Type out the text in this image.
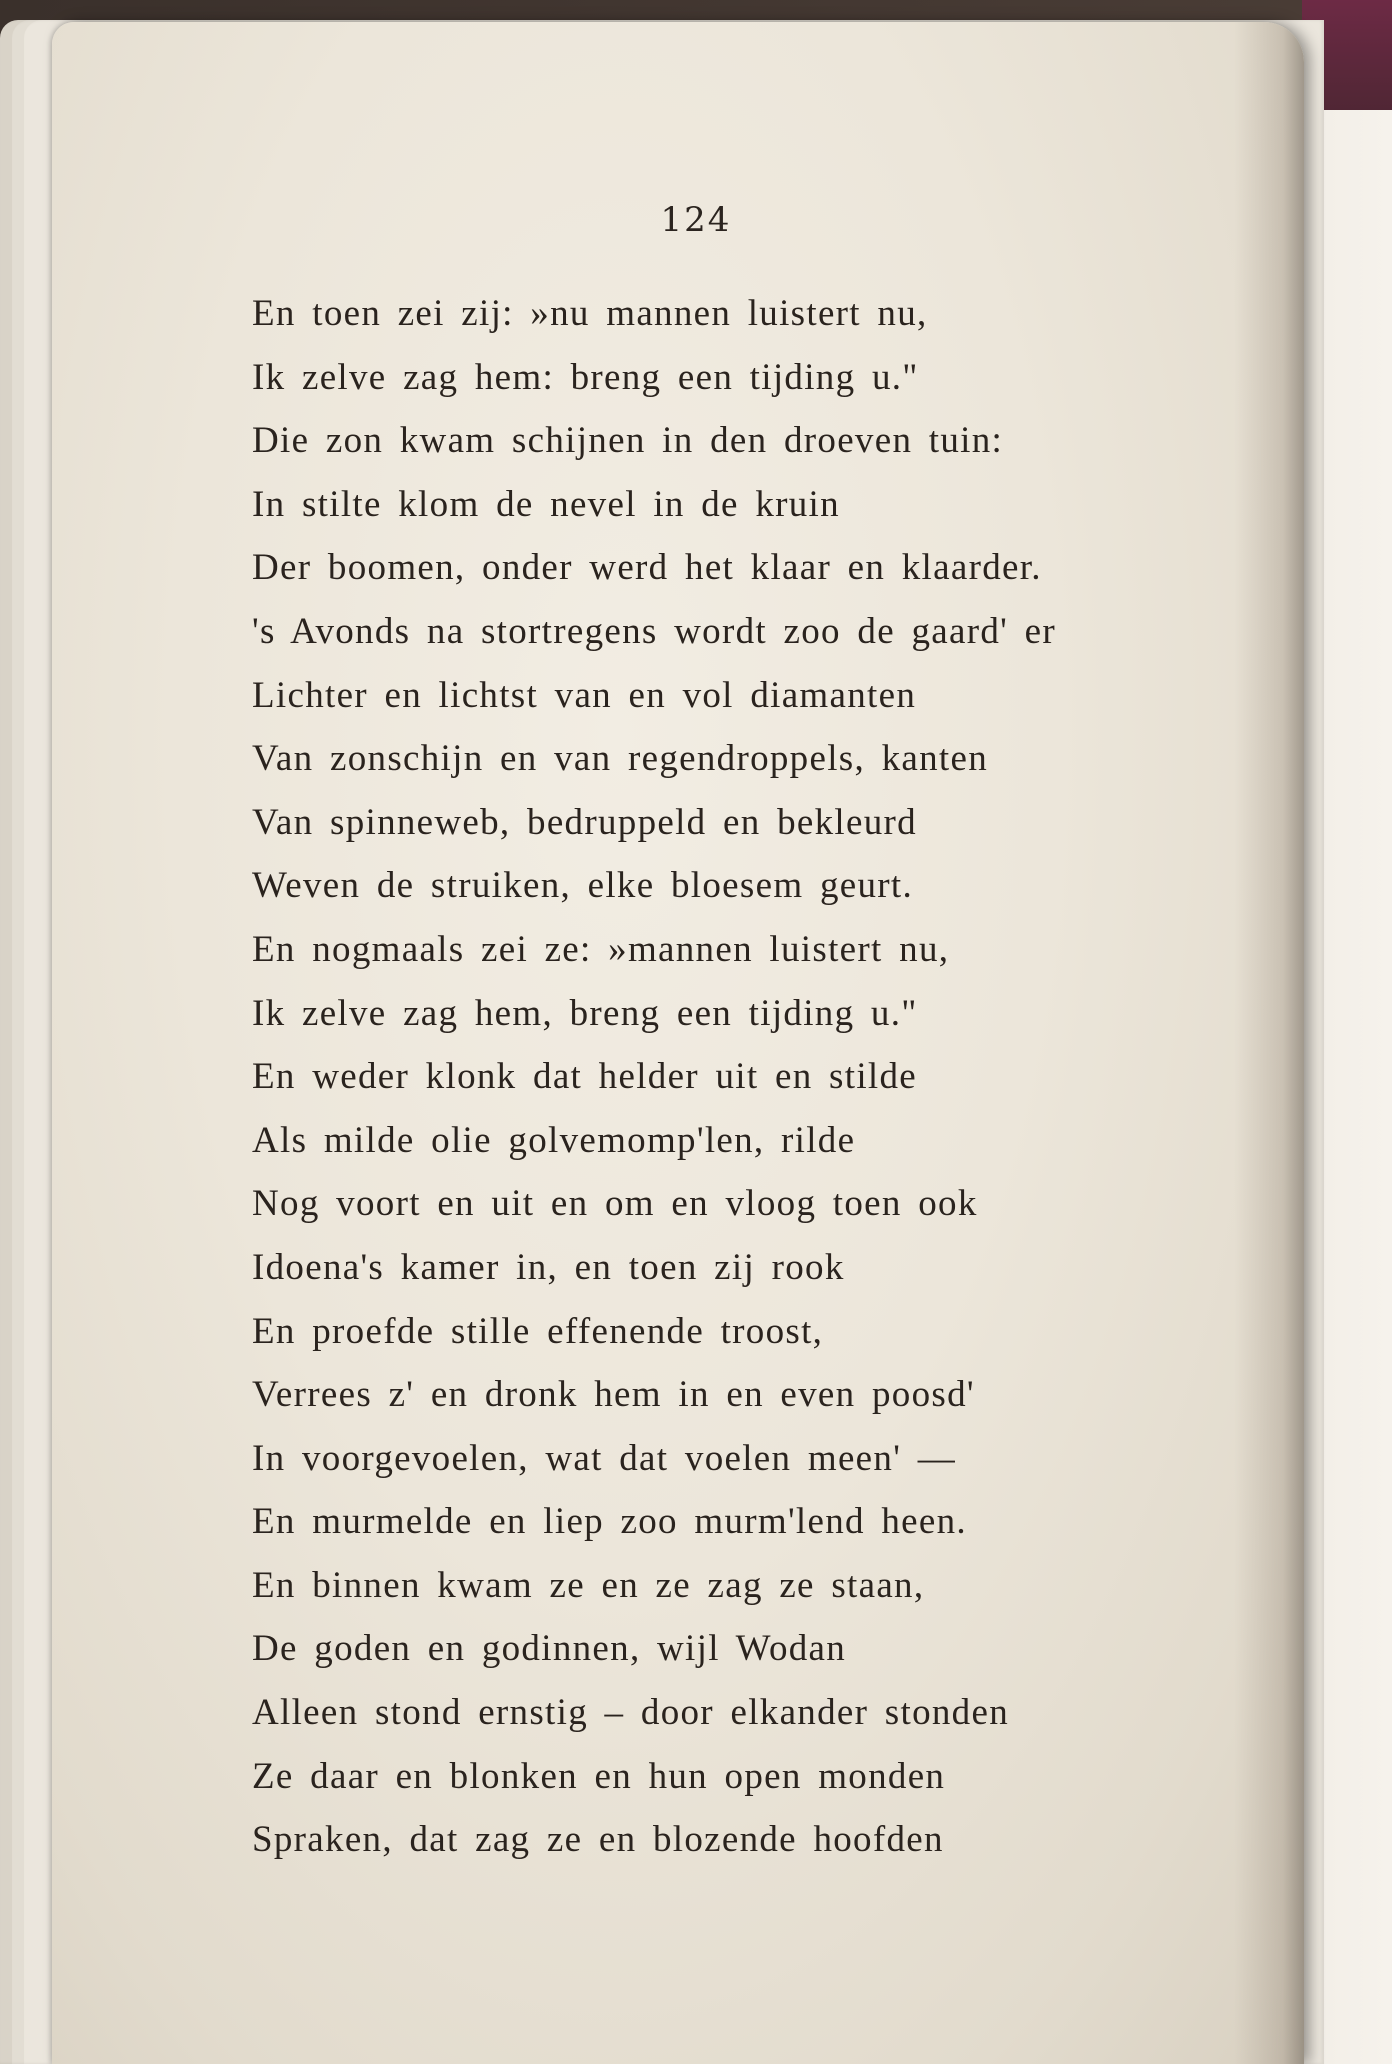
124
En toen zei zij: »nu mannen luistert nu,
Ik zelve zag hem: breng een tijding u."
Die zon kwam schijnen in den droeven tuin:
In stilte klom de nevel in de kruin
Der boomen, onder werd het klaar en klaarder.
's Avonds na stortregens wordt zoo de gaard' er
Lichter en lichtst van en vol diamanten
Van zonschijn en van regendroppels, kanten
Van spinneweb, bedruppeld en bekleurd
Weven de struiken, elke bloesem geurt.
En nogmaals zei ze: »mannen luistert nu,
Ik zelve zag hem, breng een tijding u."
En weder klonk dat helder uit en stilde
Als milde olie golvemomp'len, rilde
Nog voort en uit en om en vloog toen ook
Idoena's kamer in, en toen zij rook
En proefde stille effenende troost,
Verrees z' en dronk hem in en even poosd'
In voorgevoelen, wat dat voelen meen' —
En murmelde en liep zoo murm'lend heen.
En binnen kwam ze en ze zag ze staan,
De goden en godinnen, wijl Wodan
Alleen stond ernstig – door elkander stonden
Ze daar en blonken en hun open monden
Spraken, dat zag ze en blozende hoofden
